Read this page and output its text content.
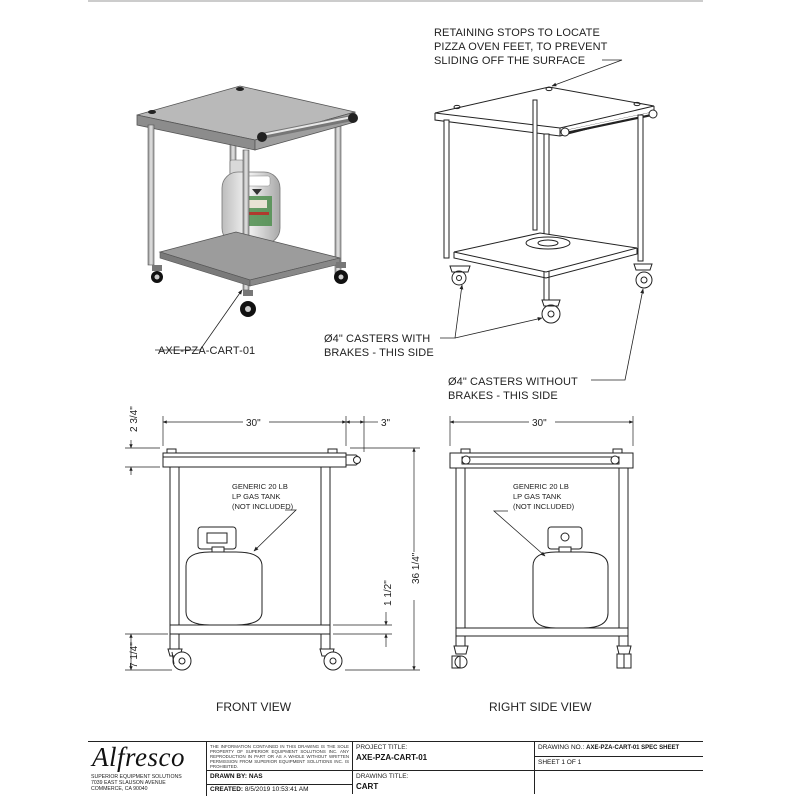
AXE-PZA-CART-01
RETAINING STOPS TO LOCATE
PIZZA OVEN FEET, TO PREVENT
SLIDING OFF THE SURFACE
Ø4" CASTERS WITH
BRAKES - THIS SIDE
Ø4" CASTERS WITHOUT
BRAKES - THIS SIDE
GENERIC 20 LB
LP GAS TANK
(NOT INCLUDED)
30"	3"
2 3/4"
7 1/4"
1 1/2"
36 1/4"
GENERIC 20 LB
LP GAS TANK
(NOT INCLUDED)
30"
FRONT VIEW	RIGHT SIDE VIEW
Alfresco
SUPERIOR EQUIPMENT SOLUTIONS
7039 EAST SLAUSON AVENUE
COMMERCE, CA 90040
THE INFORMATION CONTAINED IN THIS DRAWING IS THE SOLE PROPERTY OF SUPERIOR EQUIPMENT SOLUTIONS INC. ANY REPRODUCTION IN PART OR AS A WHOLE WITHOUT WRITTEN PERMISSION FROM SUPERIOR EQUIPMENT SOLUTIONS INC. IS PROHIBITED.
DRAWN BY: NAS
CREATED: 8/5/2019 10:53:41 AM
PROJECT TITLE:
AXE-PZA-CART-01
DRAWING TITLE:
CART
DRAWING NO.: AXE-PZA-CART-01 SPEC SHEET
SHEET 1 OF 1
